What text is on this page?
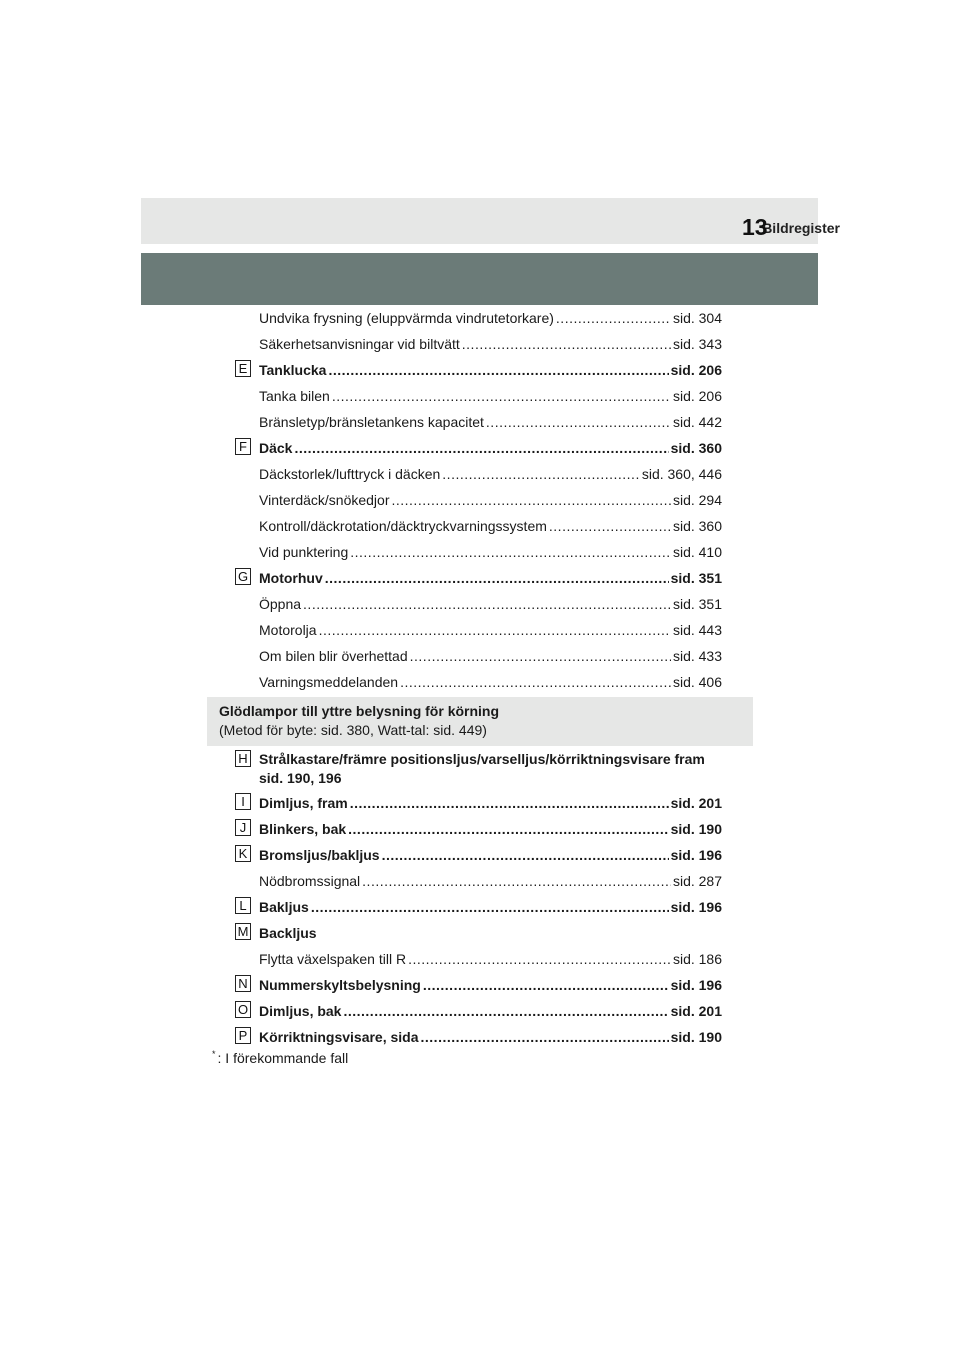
Bildregister
13
Undvika frysning (eluppvärmda vindrutetorkare) .....	sid. 304
Säkerhetsanvisningar vid biltvätt .....	sid. 343
E Tanklucka .....	sid. 206
Tanka bilen .....	sid. 206
Bränsletyp/bränsletankens kapacitet .....	sid. 442
F Däck .....	sid. 360
Däckstorlek/lufttryck i däcken .....	sid. 360, 446
Vinterdäck/snökedjor .....	sid. 294
Kontroll/däckrotation/däcktryckvarningssystem .....	sid. 360
Vid punktering .....	sid. 410
G Motorhuv .....	sid. 351
Öppna .....	sid. 351
Motorolja .....	sid. 443
Om bilen blir överhettad .....	sid. 433
Varningsmeddelanden .....	sid. 406
Glödlampor till yttre belysning för körning
(Metod för byte: sid. 380, Watt-tal: sid. 449)
H Strålkastare/främre positionsljus/varselljus/körriktningsvisare fram
sid. 190, 196
I	Dimljus, fram .....	sid. 201
J Blinkers, bak .....	sid. 190
K Bromsljus/bakljus .....	sid. 196
Nödbromssignal .....	sid. 287
L Bakljus .....	sid. 196
M Backljus
Flytta växelspaken till R .....	sid. 186
N Nummerskyltsbelysning .....	sid. 196
O Dimljus, bak .....	sid. 201
P Körriktningsvisare, sida .....	sid. 190
* : I förekommande fall
